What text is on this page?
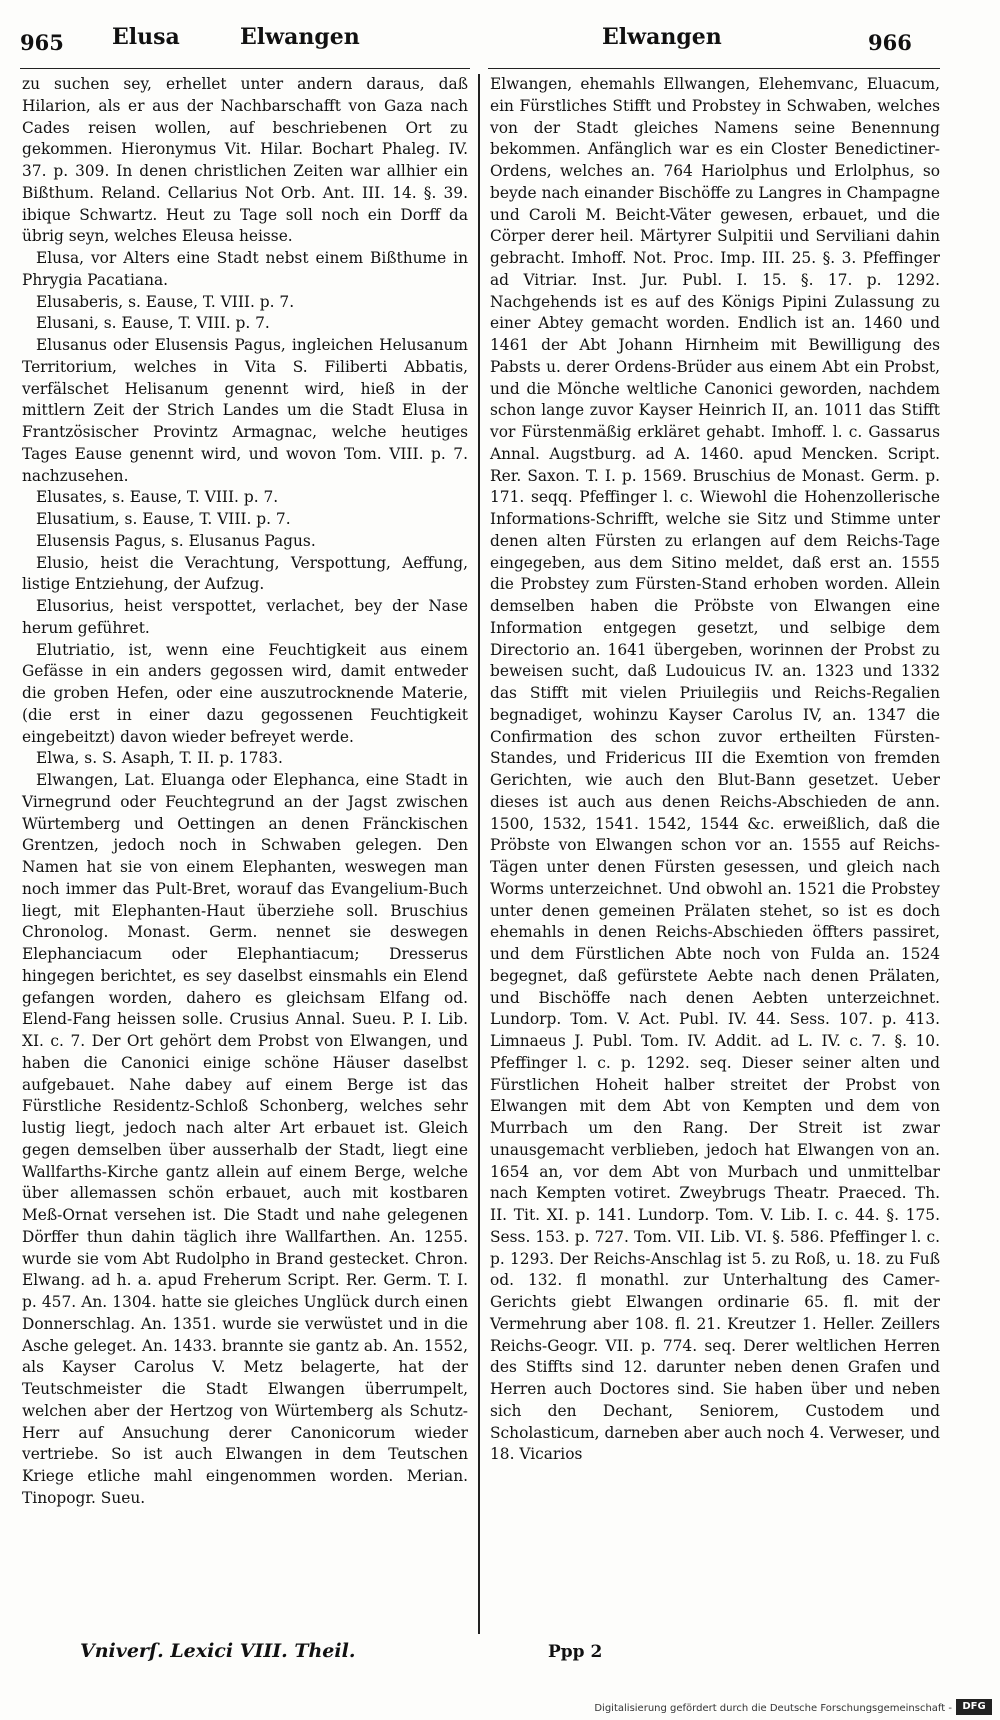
965 Elusa	Elwangen	Elwangen	966

zu suchen sey, erhellet unter andern daraus, daß Hilarion, als er aus der Nachbarschafft von Gaza nach Cades reisen wollen, auf beschriebenen Ort zu gekommen. Hieronymus Vit. Hilar. Bochart Phaleg. IV. 37. p. 309. In denen christlichen Zeiten war allhier ein Bißthum. Reland. Cellarius Not Orb. Ant. III. 14. §. 39. ibique Schwartz. Heut zu Tage soll noch ein Dorff da übrig seyn, welches Eleusa heisse.

Elusa, vor Alters eine Stadt nebst einem Bißthume in Phrygia Pacatiana.

Elusaberis, s. Eause, T. VIII. p. 7.

Elusani, s. Eause, T. VIII. p. 7.

Elusanus oder Elusensis Pagus, ingleichen Helusanum Territorium, welches in Vita S. Filiberti Abbatis, verfälschet Helisanum genennt wird, hieß in der mittlern Zeit der Strich Landes um die Stadt Elusa in Frantzösischer Provintz Armagnac, welche heutiges Tages Eause genennt wird, und wovon Tom. VIII. p. 7. nachzusehen.

Elusates, s. Eause, T. VIII. p. 7.

Elusatium, s. Eause, T. VIII. p. 7.

Elusensis Pagus, s. Elusanus Pagus.

Elusio, heist die Verachtung, Verspottung, Aeffung, listige Entziehung, der Aufzug.

Elusorius, heist verspottet, verlachet, bey der Nase herum geführet.

Elutriatio, ist, wenn eine Feuchtigkeit aus einem Gefässe in ein anders gegossen wird, damit entweder die groben Hefen, oder eine auszutrocknende Materie, (die erst in einer dazu gegossenen Feuchtigkeit eingebeitzt) davon wieder befreyet werde.

Elwa, s. S. Asaph, T. II. p. 1783.

Elwangen, Lat. Eluanga oder Elephanca, eine Stadt in Virnegrund oder Feuchtegrund an der Jagst zwischen Würtemberg und Oettingen an denen Fränckischen Grentzen, jedoch noch in Schwaben gelegen. Den Namen hat sie von einem Elephanten, weswegen man noch immer das Pult-Bret, worauf das Evangelium-Buch liegt, mit Elephanten-Haut überziehe soll. Bruschius Chronolog. Monast. Germ. nennet sie deswegen Elephanciacum oder Elephantiacum; Dresserus hingegen berichtet, es sey daselbst einsmahls ein Elend gefangen worden, dahero es gleichsam Elfang od. Elend-Fang heissen solle. Crusius Annal. Sueu. P. I. Lib. XI. c. 7. Der Ort gehört dem Probst von Elwangen, und haben die Canonici einige schöne Häuser daselbst aufgebauet. Nahe dabey auf einem Berge ist das Fürstliche Residentz-Schloß Schonberg, welches sehr lustig liegt, jedoch nach alter Art erbauet ist. Gleich gegen demselben über ausserhalb der Stadt, liegt eine Wallfarths-Kirche gantz allein auf einem Berge, welche über allemassen schön erbauet, auch mit kostbaren Meß-Ornat versehen ist. Die Stadt und nahe gelegenen Dörffer thun dahin täglich ihre Wallfarthen. An. 1255. wurde sie vom Abt Rudolpho in Brand gestecket. Chron. Elwang. ad h. a. apud Freherum Script. Rer. Germ. T. I. p. 457. An. 1304. hatte sie gleiches Unglück durch einen Donnerschlag. An. 1351. wurde sie verwüstet und in die Asche geleget. An. 1433. brannte sie gantz ab. An. 1552, als Kayser Carolus V. Metz belagerte, hat der Teutschmeister die Stadt Elwangen überrumpelt, welchen aber der Hertzog von Würtemberg als Schutz-Herr auf Ansuchung derer Canonicorum wieder vertriebe. So ist auch Elwangen in dem Teutschen Kriege etliche mahl eingenommen worden. Merian. Tinopogr. Sueu.

Elwangen, ehemahls Ellwangen, Elehemvanc, Eluacum, ein Fürstliches Stifft und Probstey in Schwaben, welches von der Stadt gleiches Namens seine Benennung bekommen. Anfänglich war es ein Closter Benedictiner-Ordens, welches an. 764 Hariolphus und Erlolphus, so beyde nach einander Bischöffe zu Langres in Champagne und Caroli M. Beicht-Väter gewesen, erbauet, und die Cörper derer heil. Märtyrer Sulpitii und Serviliani dahin gebracht. Imhoff. Not. Proc. Imp. III. 25. §. 3. Pfeffinger ad Vitriar. Inst. Jur. Publ. I. 15. §. 17. p. 1292. Nachgehends ist es auf des Königs Pipini Zulassung zu einer Abtey gemacht worden. Endlich ist an. 1460 und 1461 der Abt Johann Hirnheim mit Bewilligung des Pabsts u. derer Ordens-Brüder aus einem Abt ein Probst, und die Mönche weltliche Canonici geworden, nachdem schon lange zuvor Kayser Heinrich II, an. 1011 das Stifft vor Fürstenmäßig erkläret gehabt. Imhoff. l. c. Gassarus Annal. Augstburg. ad A. 1460. apud Mencken. Script. Rer. Saxon. T. I. p. 1569. Bruschius de Monast. Germ. p. 171. seqq. Pfeffinger l. c. Wiewohl die Hohenzollerische Informations-Schrifft, welche sie Sitz und Stimme unter denen alten Fürsten zu erlangen auf dem Reichs-Tage eingegeben, aus dem Sitino meldet, daß erst an. 1555 die Probstey zum Fürsten-Stand erhoben worden. Allein demselben haben die Pröbste von Elwangen eine Information entgegen gesetzt, und selbige dem Directorio an. 1641 übergeben, worinnen der Probst zu beweisen sucht, daß Ludouicus IV. an. 1323 und 1332 das Stifft mit vielen Priuilegiis und Reichs-Regalien begnadiget, wohinzu Kayser Carolus IV, an. 1347 die Confirmation des schon zuvor ertheilten Fürsten-Standes, und Fridericus III die Exemtion von fremden Gerichten, wie auch den Blut-Bann gesetzet. Ueber dieses ist auch aus denen Reichs-Abschieden de ann. 1500, 1532, 1541. 1542, 1544 &c. erweißlich, daß die Pröbste von Elwangen schon vor an. 1555 auf Reichs-Tägen unter denen Fürsten gesessen, und gleich nach Worms unterzeichnet. Und obwohl an. 1521 die Probstey unter denen gemeinen Prälaten stehet, so ist es doch ehemahls in denen Reichs-Abschieden öffters passiret, und dem Fürstlichen Abte noch von Fulda an. 1524 begegnet, daß gefürstete Aebte nach denen Prälaten, und Bischöffe nach denen Aebten unterzeichnet. Lundorp. Tom. V. Act. Publ. IV. 44. Sess. 107. p. 413. Limnaeus J. Publ. Tom. IV. Addit. ad L. IV. c. 7. §. 10. Pfeffinger l. c. p. 1292. seq. Dieser seiner alten und Fürstlichen Hoheit halber streitet der Probst von Elwangen mit dem Abt von Kempten und dem von Murrbach um den Rang. Der Streit ist zwar unausgemacht verblieben, jedoch hat Elwangen von an. 1654 an, vor dem Abt von Murbach und unmittelbar nach Kempten votiret. Zweybrugs Theatr. Praeced. Th. II. Tit. XI. p. 141. Lundorp. Tom. V. Lib. I. c. 44. §. 175. Sess. 153. p. 727. Tom. VII. Lib. VI. §. 586. Pfeffinger l. c. p. 1293. Der Reichs-Anschlag ist 5. zu Roß, u. 18. zu Fuß od. 132. fl monathl. zur Unterhaltung des Camer-Gerichts giebt Elwangen ordinarie 65. fl. mit der Vermehrung aber 108. fl. 21. Kreutzer 1. Heller. Zeillers Reichs-Geogr. VII. p. 774. seq. Derer weltlichen Herren des Stiffts sind 12. darunter neben denen Grafen und Herren auch Doctores sind. Sie haben über und neben sich den Dechant, Seniorem, Custodem und Scholasticum, darneben aber auch noch 4. Verweser, und 18. Vicarios

Vniverſ. Lexici VIII. Theil.	Ppp 2
Digitalisierung gefördert durch die Deutsche Forschungsgemeinschaft -	DFG
